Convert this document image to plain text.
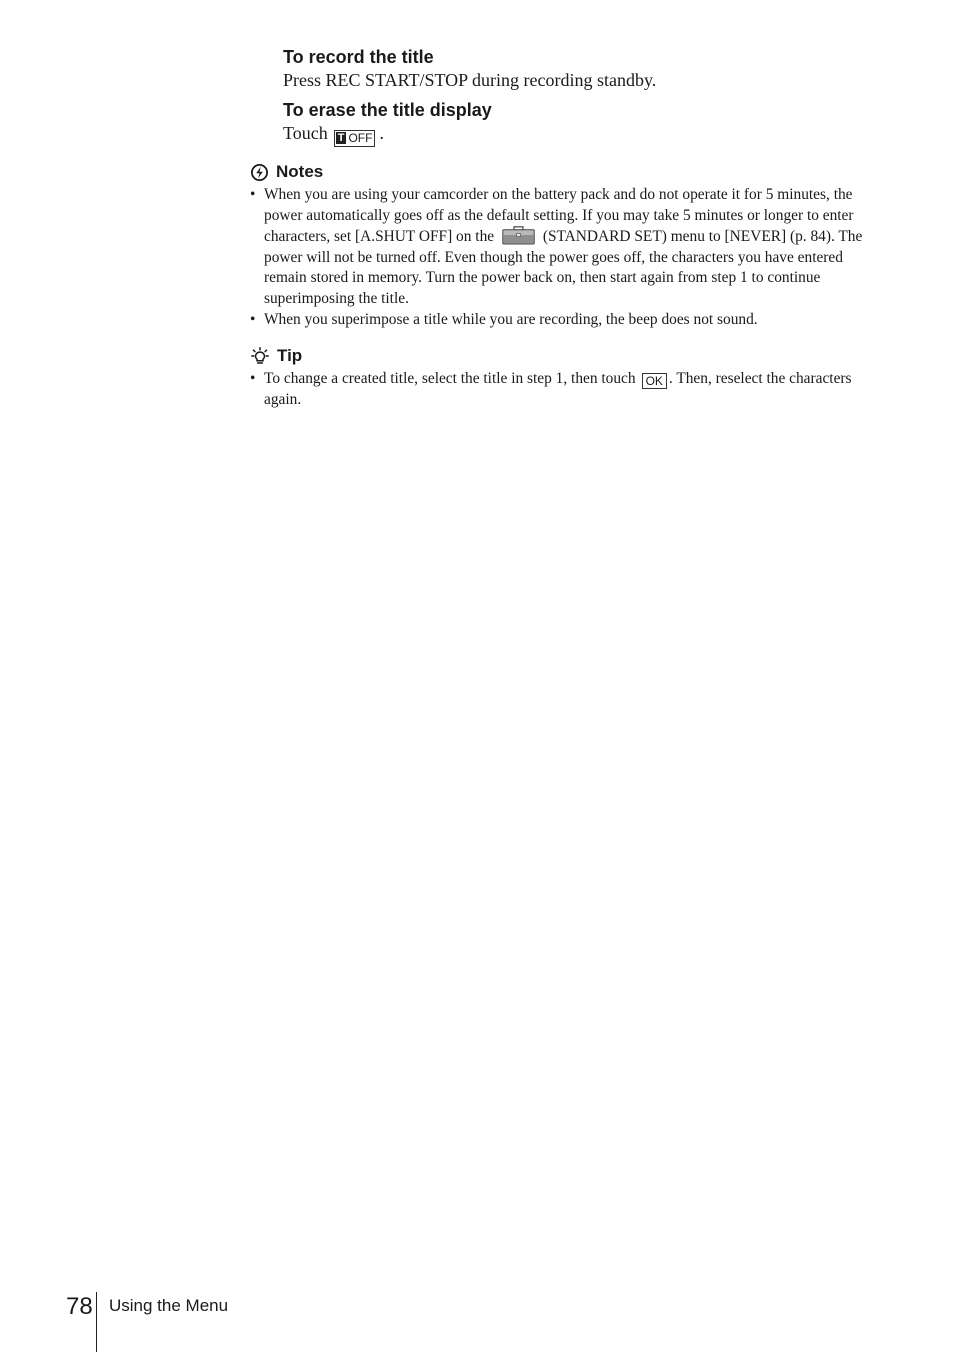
To record the title
Press REC START/STOP during recording standby.
To erase the title display
Touch T OFF .
Notes
• When you are using your camcorder on the battery pack and do not operate it for 5 minutes, the power automatically goes off as the default setting. If you may take 5 minutes or longer to enter characters, set [A.SHUT OFF] on the	(STANDARD SET) menu to [NEVER] (p. 84). The power will not be turned off. Even though the power goes off, the characters you have entered remain stored in memory. Turn the power back on, then start again from step 1 to continue superimposing the title.
• When you superimpose a title while you are recording, the beep does not sound.
Tip
• To change a created title, select the title in step 1, then touch OK . Then, reselect the characters again.
78 Using the Menu
